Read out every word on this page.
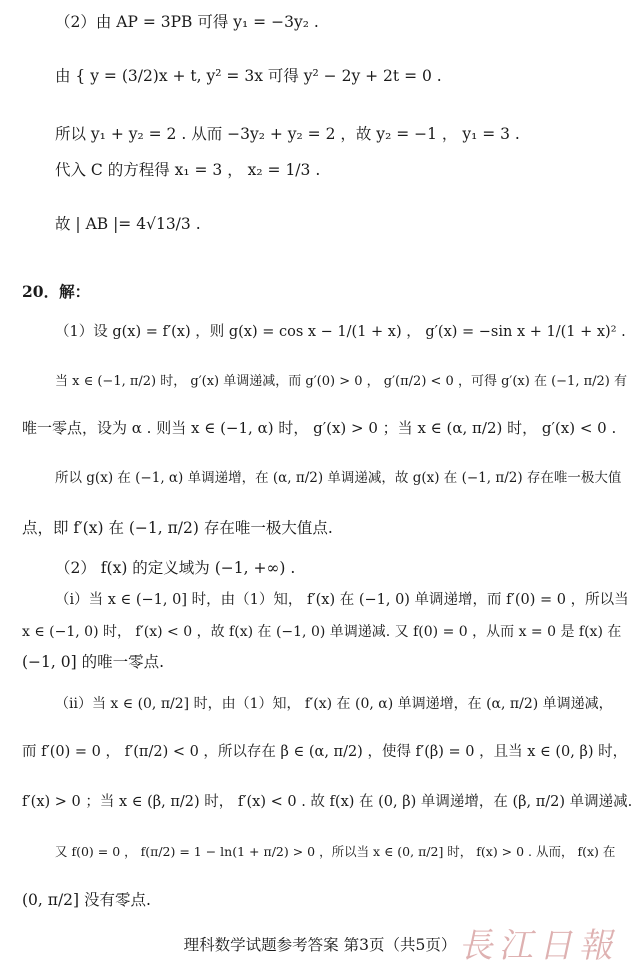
（2）由 AP = 3PB 可得 y₁ = −3y₂ .
由 { y = (3/2)x + t, y² = 3x 可得 y² − 2y + 2t = 0 .
所以 y₁ + y₂ = 2 . 从而 −3y₂ + y₂ = 2 ，故 y₂ = −1 ， y₁ = 3 .
代入 C 的方程得 x₁ = 3 ， x₂ = 1/3 .
故 | AB |= 4√13/3 .
20．解：
（1）设 g(x) = f′(x) ，则 g(x) = cos x − 1/(1 + x) ， g′(x) = −sin x + 1/(1 + x)² .
当 x ∈ (−1, π/2) 时， g′(x) 单调递减，而 g′(0) > 0 ， g′(π/2) < 0 ，可得 g′(x) 在 (−1, π/2) 有
唯一零点，设为 α . 则当 x ∈ (−1, α) 时， g′(x) > 0 ；当 x ∈ (α, π/2) 时， g′(x) < 0 .
所以 g(x) 在 (−1, α) 单调递增，在 (α, π/2) 单调递减，故 g(x) 在 (−1, π/2) 存在唯一极大值
点，即 f′(x) 在 (−1, π/2) 存在唯一极大值点.
（2） f(x) 的定义域为 (−1, +∞) .
（ⅰ）当 x ∈ (−1, 0] 时，由（1）知， f′(x) 在 (−1, 0) 单调递增，而 f′(0) = 0 ，所以当
x ∈ (−1, 0) 时， f′(x) < 0 ，故 f(x) 在 (−1, 0) 单调递减. 又 f(0) = 0 ，从而 x = 0 是 f(x) 在
(−1, 0] 的唯一零点.
（ⅱ）当 x ∈ (0, π/2] 时，由（1）知， f′(x) 在 (0, α) 单调递增，在 (α, π/2) 单调递减，
而 f′(0) = 0 ， f′(π/2) < 0 ，所以存在 β ∈ (α, π/2) ，使得 f′(β) = 0 ，且当 x ∈ (0, β) 时，
f′(x) > 0 ；当 x ∈ (β, π/2) 时， f′(x) < 0 . 故 f(x) 在 (0, β) 单调递增，在 (β, π/2) 单调递减.
又 f(0) = 0 ， f(π/2) = 1 − ln(1 + π/2) > 0 ，所以当 x ∈ (0, π/2] 时， f(x) > 0 . 从而， f(x) 在
(0, π/2] 没有零点.
理科数学试题参考答案 第3页（共5页） 長江日報
